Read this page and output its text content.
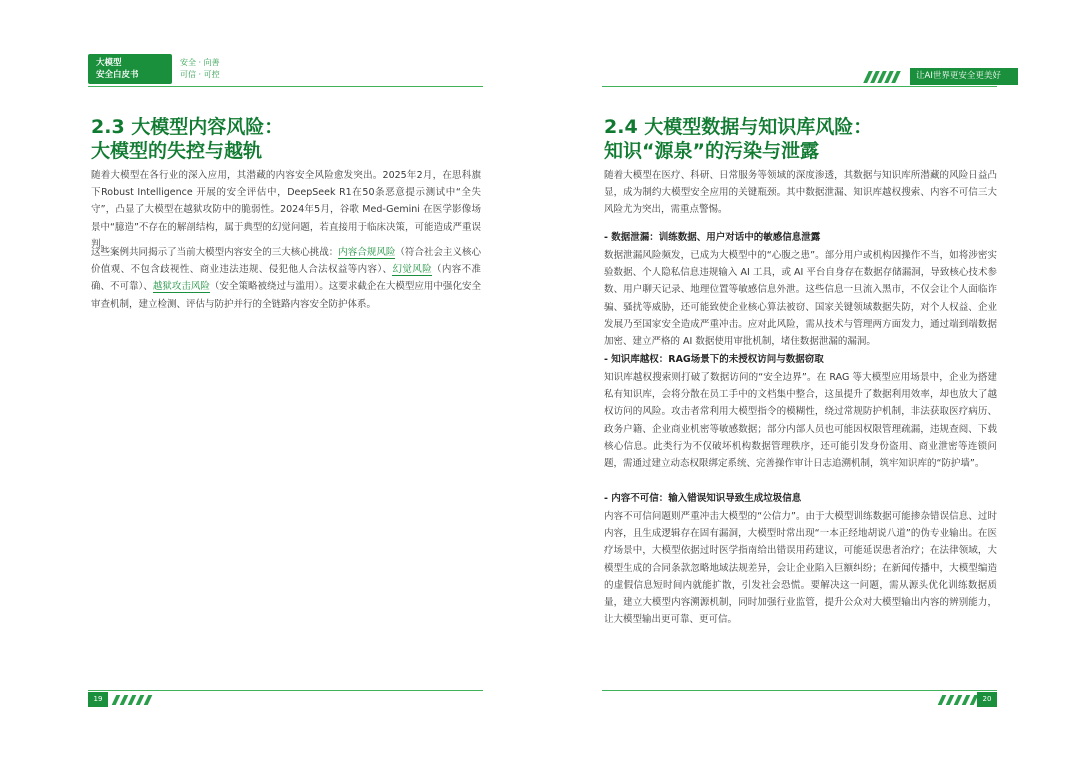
大模型
安全白皮书
安全 · 向善
可信 · 可控
2.3 大模型内容风险：
大模型的失控与越轨

随着大模型在各行业的深入应用，其潜藏的内容安全风险愈发突出。2025年2月，在思科旗下Robust Intelligence 开展的安全评估中，DeepSeek R1在50条恶意提示测试中“全失守”，凸显了大模型在越狱攻防中的脆弱性。2024年5月，谷歌 Med-Gemini 在医学影像场景中“臆造”不存在的解剖结构，属于典型的幻觉问题，若直接用于临床决策，可能造成严重误判。

这些案例共同揭示了当前大模型内容安全的三大核心挑战：内容合规风险（符合社会主义核心价值观、不包含歧视性、商业违法违规、侵犯他人合法权益等内容）、幻觉风险（内容不准确、不可靠）、越狱攻击风险（安全策略被绕过与滥用）。这要求截企在大模型应用中强化安全审查机制，建立检测、评估与防护并行的全链路内容安全防护体系。

19
让AI世界更安全更美好
2.4 大模型数据与知识库风险：
知识“源泉”的污染与泄露

随着大模型在医疗、科研、日常服务等领域的深度渗透，其数据与知识库所潜藏的风险日益凸显，成为制约大模型安全应用的关键瓶颈。其中数据泄漏、知识库越权搜索、内容不可信三大风险尤为突出，需重点警惕。

- 数据泄漏：训练数据、用户对话中的敏感信息泄露

数据泄漏风险频发，已成为大模型中的“心腹之患”。部分用户或机构因操作不当，如将涉密实验数据、个人隐私信息违规输入 AI 工具，或 AI 平台自身存在数据存储漏洞，导致核心技术参数、用户聊天记录、地理位置等敏感信息外泄。这些信息一旦流入黑市，不仅会让个人面临诈骗、骚扰等威胁，还可能致使企业核心算法被窃、国家关键领域数据失防，对个人权益、企业发展乃至国家安全造成严重冲击。应对此风险，需从技术与管理两方面发力，通过端到端数据加密、建立严格的 AI 数据使用审批机制，堵住数据泄漏的漏洞。

- 知识库越权：RAG场景下的未授权访问与数据窃取

知识库越权搜索则打破了数据访问的“安全边界”。在 RAG 等大模型应用场景中，企业为搭建私有知识库，会将分散在员工手中的文档集中整合，这虽提升了数据利用效率，却也放大了越权访问的风险。攻击者常利用大模型指令的模糊性，绕过常规防护机制，非法获取医疗病历、政务户籍、企业商业机密等敏感数据；部分内部人员也可能因权限管理疏漏，违规查阅、下载核心信息。此类行为不仅破坏机构数据管理秩序，还可能引发身份盗用、商业泄密等连锁问题，需通过建立动态权限绑定系统、完善操作审计日志追溯机制，筑牢知识库的“防护墙”。

- 内容不可信：输入错误知识导致生成垃圾信息

内容不可信问题则严重冲击大模型的“公信力”。由于大模型训练数据可能掺杂错误信息、过时内容，且生成逻辑存在固有漏洞，大模型时常出现“一本正经地胡说八道”的伪专业输出。在医疗场景中，大模型依据过时医学指南给出错误用药建议，可能延误患者治疗；在法律领域，大模型生成的合同条款忽略地域法规差异，会让企业陷入巨额纠纷；在新闻传播中，大模型编造的虚假信息短时间内就能扩散，引发社会恐慌。要解决这一问题，需从源头优化训练数据质量，建立大模型内容溯源机制，同时加强行业监管，提升公众对大模型输出内容的辨别能力，让大模型输出更可靠、更可信。

20
